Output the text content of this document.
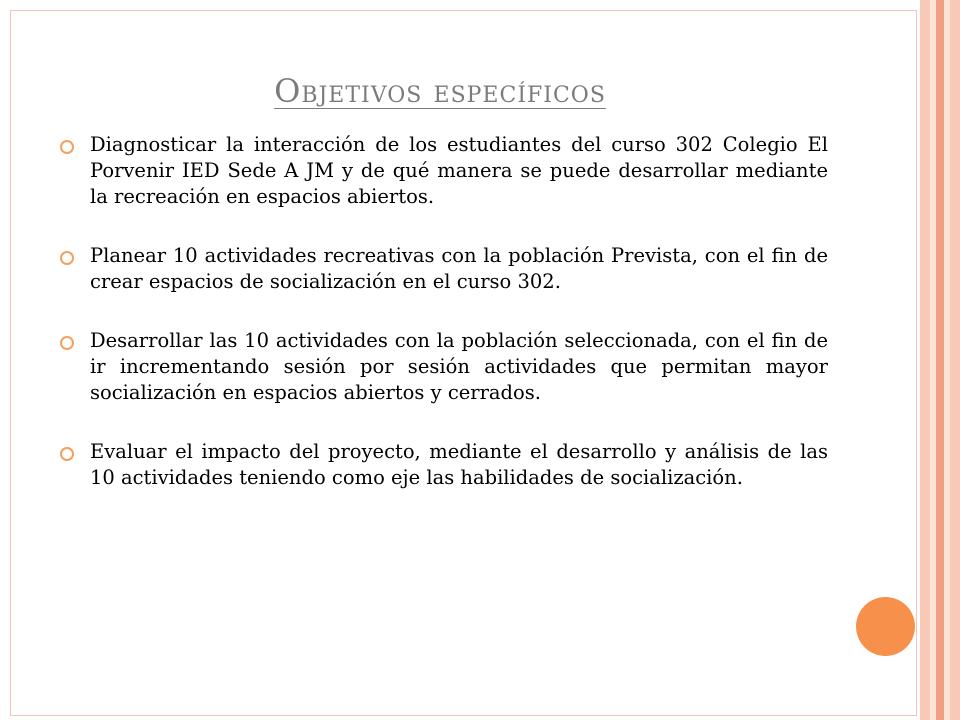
Objetivos específicos
Diagnosticar la interacción de los estudiantes del curso 302 Colegio El Porvenir IED Sede A JM y de qué manera se puede desarrollar mediante la recreación en espacios abiertos.
Planear 10 actividades recreativas con la población Prevista, con el fin de crear espacios de socialización en el curso 302.
Desarrollar las 10 actividades con la población seleccionada, con el fin de ir incrementando sesión por sesión actividades que permitan mayor socialización en espacios abiertos y cerrados.
Evaluar el impacto del proyecto, mediante el desarrollo y análisis de las 10 actividades teniendo como eje las habilidades de socialización.
